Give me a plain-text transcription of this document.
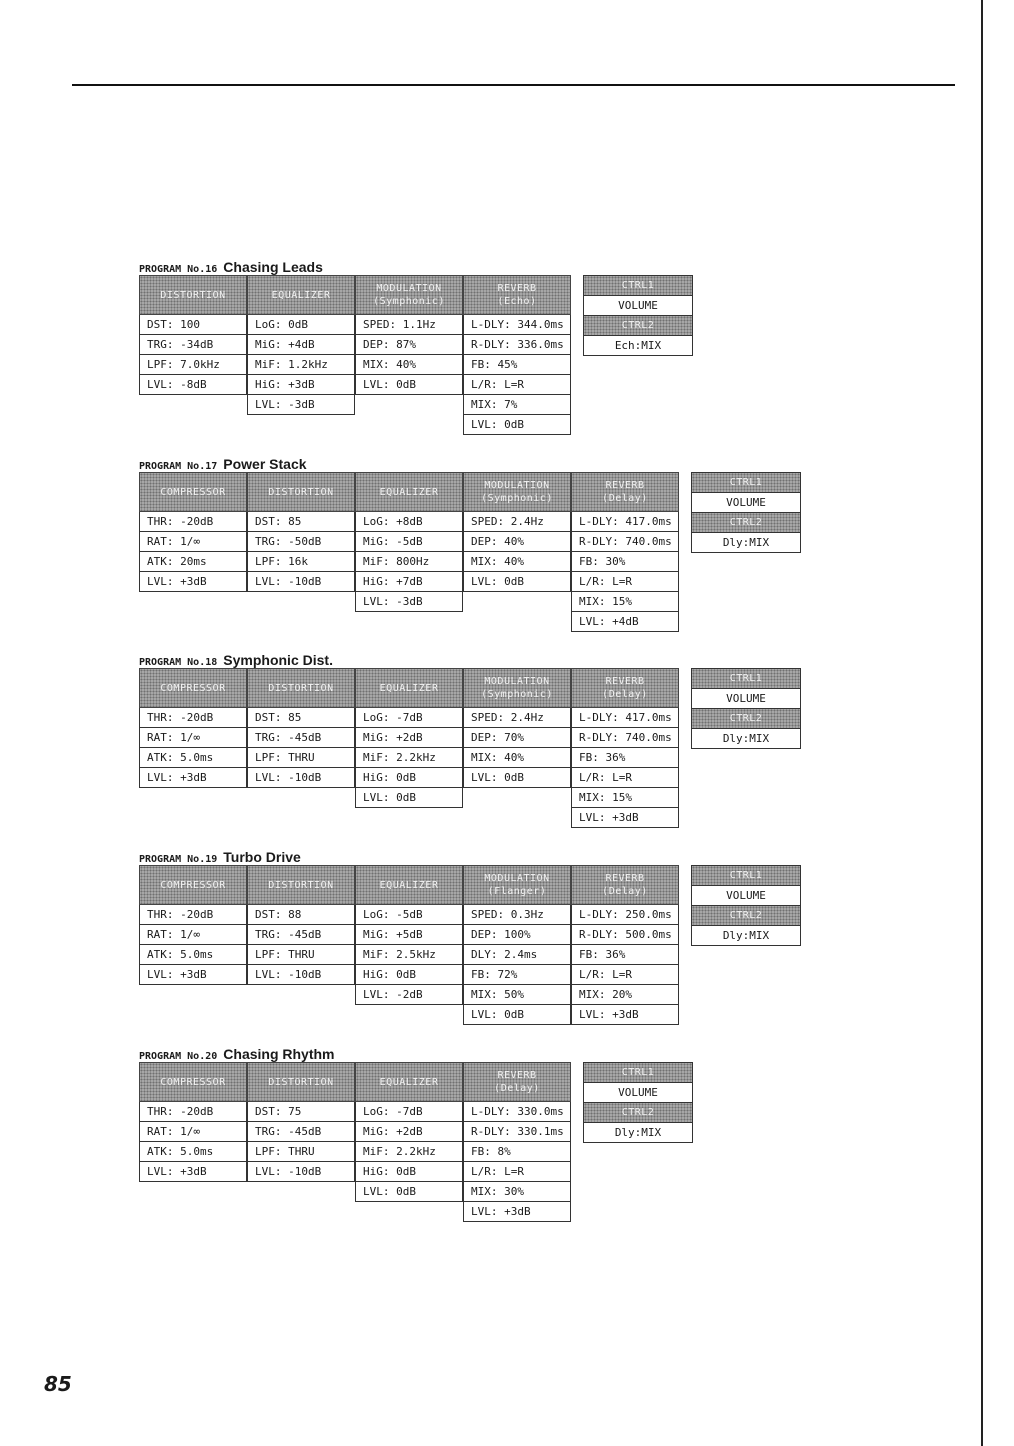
PROGRAM No.16 Chasing Leads
DISTORTION
DST: 100
TRG: -34dB
LPF: 7.0kHz
LVL: -8dB
EQUALIZER
LoG: 0dB
MiG: +4dB
MiF: 1.2kHz
HiG: +3dB
LVL: -3dB
MODULATION
(Symphonic)
SPED: 1.1Hz
DEP: 87%
MIX: 40%
LVL: 0dB
REVERB
(Echo)
L-DLY: 344.0ms
R-DLY: 336.0ms
FB: 45%
L/R: L=R
MIX: 7%
LVL: 0dB
CTRL1
VOLUME
CTRL2
Ech:MIX
PROGRAM No.17 Power Stack
COMPRESSOR
THR: -20dB
RAT: 1/∞
ATK: 20ms
LVL: +3dB
DISTORTION
DST: 85
TRG: -50dB
LPF: 16k
LVL: -10dB
EQUALIZER
LoG: +8dB
MiG: -5dB
MiF: 800Hz
HiG: +7dB
LVL: -3dB
MODULATION
(Symphonic)
SPED: 2.4Hz
DEP: 40%
MIX: 40%
LVL: 0dB
REVERB
(Delay)
L-DLY: 417.0ms
R-DLY: 740.0ms
FB: 30%
L/R: L=R
MIX: 15%
LVL: +4dB
CTRL1
VOLUME
CTRL2
Dly:MIX
PROGRAM No.18 Symphonic Dist.
COMPRESSOR
THR: -20dB
RAT: 1/∞
ATK: 5.0ms
LVL: +3dB
DISTORTION
DST: 85
TRG: -45dB
LPF: THRU
LVL: -10dB
EQUALIZER
LoG: -7dB
MiG: +2dB
MiF: 2.2kHz
HiG: 0dB
LVL: 0dB
MODULATION
(Symphonic)
SPED: 2.4Hz
DEP: 70%
MIX: 40%
LVL: 0dB
REVERB
(Delay)
L-DLY: 417.0ms
R-DLY: 740.0ms
FB: 36%
L/R: L=R
MIX: 15%
LVL: +3dB
CTRL1
VOLUME
CTRL2
Dly:MIX
PROGRAM No.19 Turbo Drive
COMPRESSOR
THR: -20dB
RAT: 1/∞
ATK: 5.0ms
LVL: +3dB
DISTORTION
DST: 88
TRG: -45dB
LPF: THRU
LVL: -10dB
EQUALIZER
LoG: -5dB
MiG: +5dB
MiF: 2.5kHz
HiG: 0dB
LVL: -2dB
MODULATION
(Flanger)
SPED: 0.3Hz
DEP: 100%
DLY: 2.4ms
FB: 72%
MIX: 50%
LVL: 0dB
REVERB
(Delay)
L-DLY: 250.0ms
R-DLY: 500.0ms
FB: 36%
L/R: L=R
MIX: 20%
LVL: +3dB
CTRL1
VOLUME
CTRL2
Dly:MIX
PROGRAM No.20 Chasing Rhythm
COMPRESSOR
THR: -20dB
RAT: 1/∞
ATK: 5.0ms
LVL: +3dB
DISTORTION
DST: 75
TRG: -45dB
LPF: THRU
LVL: -10dB
EQUALIZER
LoG: -7dB
MiG: +2dB
MiF: 2.2kHz
HiG: 0dB
LVL: 0dB
REVERB
(Delay)
L-DLY: 330.0ms
R-DLY: 330.1ms
FB: 8%
L/R: L=R
MIX: 30%
LVL: +3dB
CTRL1
VOLUME
CTRL2
Dly:MIX
85
